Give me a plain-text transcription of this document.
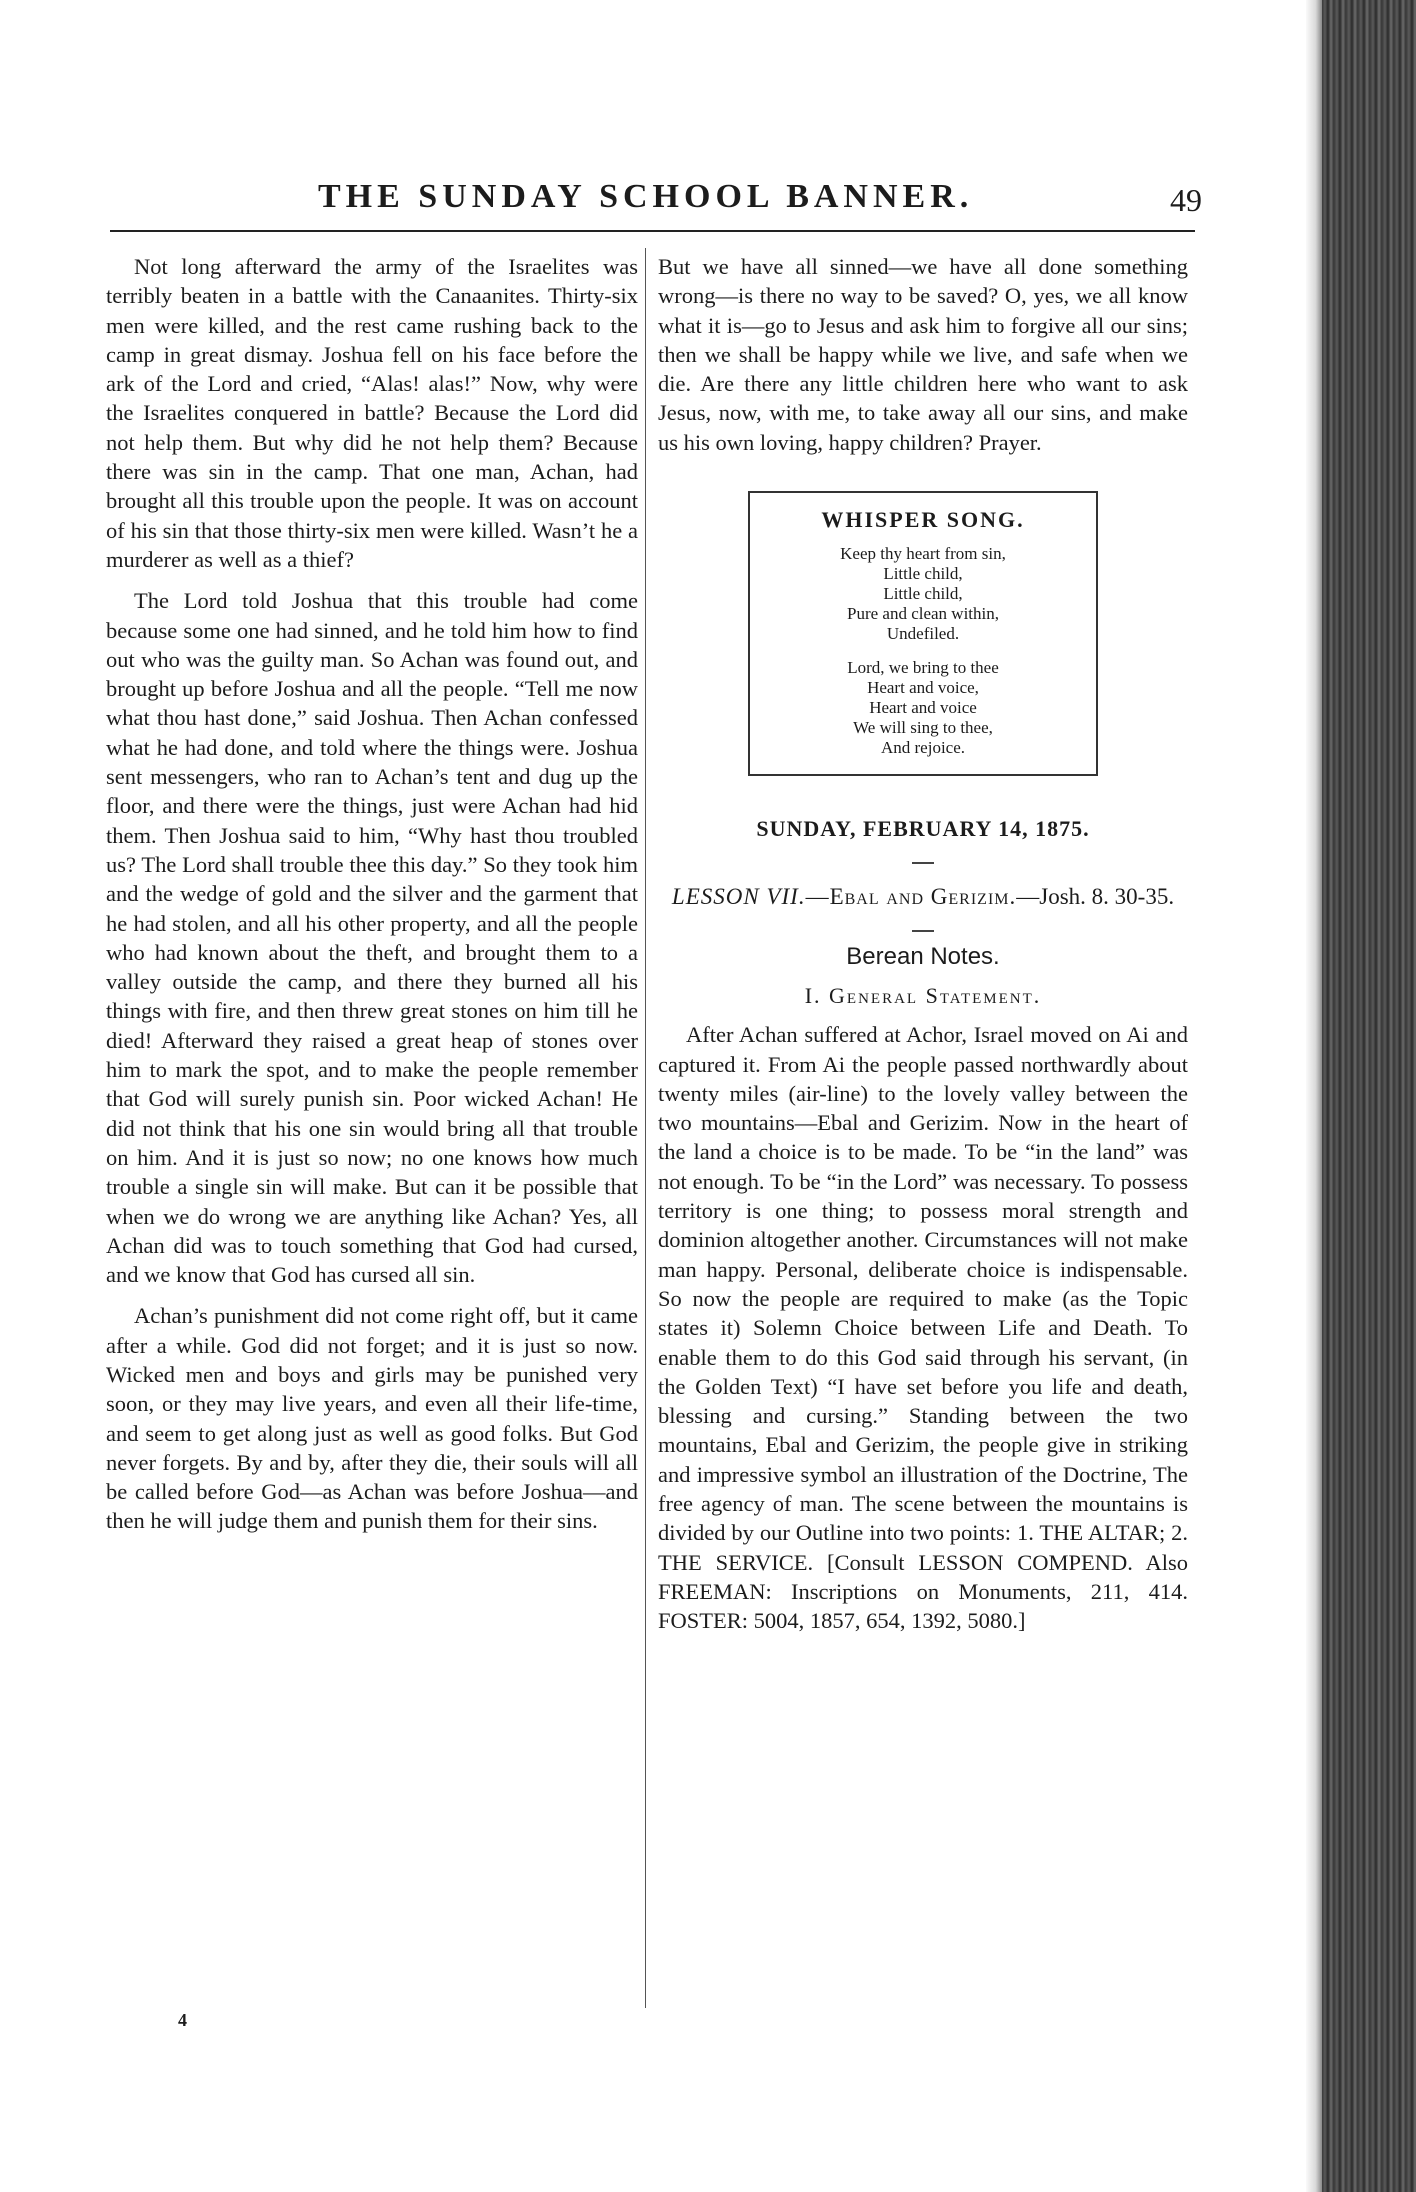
THE SUNDAY SCHOOL BANNER.	49

Not long afterward the army of the Israelites was terribly beaten in a battle with the Canaanites. Thirty-six men were killed, and the rest came rushing back to the camp in great dismay. Joshua fell on his face before the ark of the Lord and cried, “Alas! alas!” Now, why were the Israelites conquered in battle? Because the Lord did not help them. But why did he not help them? Because there was sin in the camp. That one man, Achan, had brought all this trouble upon the people. It was on account of his sin that those thirty-six men were killed. Wasn’t he a murderer as well as a thief?

The Lord told Joshua that this trouble had come because some one had sinned, and he told him how to find out who was the guilty man. So Achan was found out, and brought up before Joshua and all the people. “Tell me now what thou hast done,” said Joshua. Then Achan confessed what he had done, and told where the things were. Joshua sent messengers, who ran to Achan’s tent and dug up the floor, and there were the things, just were Achan had hid them. Then Joshua said to him, “Why hast thou troubled us? The Lord shall trouble thee this day.” So they took him and the wedge of gold and the silver and the garment that he had stolen, and all his other property, and all the people who had known about the theft, and brought them to a valley outside the camp, and there they burned all his things with fire, and then threw great stones on him till he died! Afterward they raised a great heap of stones over him to mark the spot, and to make the people remember that God will surely punish sin. Poor wicked Achan! He did not think that his one sin would bring all that trouble on him. And it is just so now; no one knows how much trouble a single sin will make. But can it be possible that when we do wrong we are anything like Achan? Yes, all Achan did was to touch something that God had cursed, and we know that God has cursed all sin.

Achan’s punishment did not come right off, but it came after a while. God did not forget; and it is just so now. Wicked men and boys and girls may be punished very soon, or they may live years, and even all their life-time, and seem to get along just as well as good folks. But God never forgets. By and by, after they die, their souls will all be called before God—as Achan was before Joshua—and then he will judge them and punish them for their sins.

But we have all sinned—we have all done something wrong—is there no way to be saved? O, yes, we all know what it is—go to Jesus and ask him to forgive all our sins; then we shall be happy while we live, and safe when we die. Are there any little children here who want to ask Jesus, now, with me, to take away all our sins, and make us his own loving, happy children? Prayer.

WHISPER SONG.
Keep thy heart from sin,
Little child,
Little child,
Pure and clean within,
Undefiled.
Lord, we bring to thee
Heart and voice,
Heart and voice
We will sing to thee,
And rejoice.
SUNDAY, FEBRUARY 14, 1875.
LESSON VII.—Ebal and Gerizim.—Josh. 8. 30-35.
Berean Notes.
I. General Statement.

After Achan suffered at Achor, Israel moved on Ai and captured it. From Ai the people passed northwardly about twenty miles (air-line) to the lovely valley between the two mountains—Ebal and Gerizim. Now in the heart of the land a choice is to be made. To be “in the land” was not enough. To be “in the Lord” was necessary. To possess territory is one thing; to possess moral strength and dominion altogether another. Circumstances will not make man happy. Personal, deliberate choice is indispensable. So now the people are required to make (as the Topic states it) Solemn Choice between Life and Death. To enable them to do this God said through his servant, (in the Golden Text) “I have set before you life and death, blessing and cursing.” Standing between the two mountains, Ebal and Gerizim, the people give in striking and impressive symbol an illustration of the Doctrine, The free agency of man. The scene between the mountains is divided by our Outline into two points: 1. THE ALTAR; 2. THE SERVICE. [Consult LESSON COMPEND. Also FREEMAN: Inscriptions on Monuments, 211, 414. FOSTER: 5004, 1857, 654, 1392, 5080.]

4
